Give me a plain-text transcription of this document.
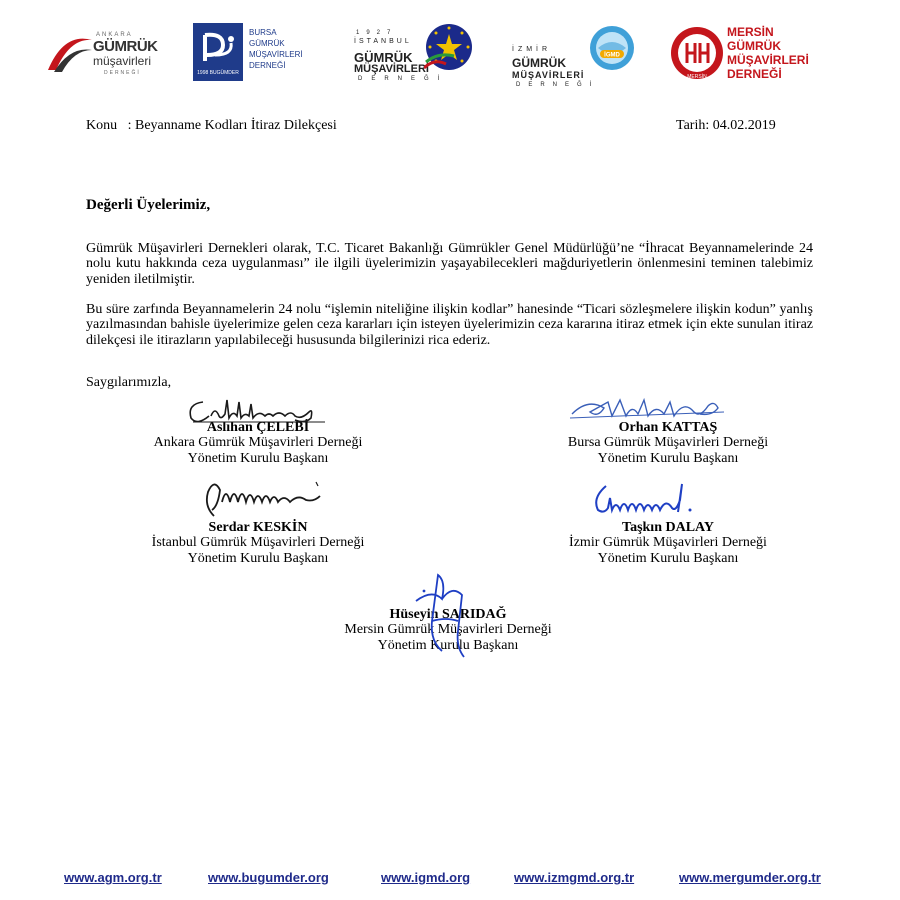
ANKARA
GÜMRÜK
müşavirleri
DERNEĞİ	1998 BUGÜMDER
BURSA
GÜMRÜK
MÜŞAVİRLERİ
DERNEĞİ
1927
İSTANBUL
GÜMRÜK
MÜŞAVİRLERİ
DERNEĞİ
İZMİR
GÜMRÜK
MÜŞAVİRLERİ
DERNEĞİ
İGMD
MERSİN
MERSİN
GÜMRÜK
MÜŞAVİRLERİ
DERNEĞİ
Konu   : Beyanname Kodları İtiraz Dilekçesi	Tarih: 04.02.2019
Değerli Üyelerimiz,

Gümrük Müşavirleri Dernekleri olarak, T.C. Ticaret Bakanlığı Gümrükler Genel Müdürlüğü’ne “İhracat Beyannamelerinde 24 nolu kutu hakkında ceza uygulanması” ile ilgili üyelerimizin yaşayabilecekleri mağduriyetlerin önlenmesini teminen talebimiz yeniden iletilmiştir.

Bu süre zarfında Beyannamelerin 24 nolu “işlemin niteliğine ilişkin kodlar” hanesinde “Ticari sözleşmelere ilişkin kodun” yanlış yazılmasından bahisle üyelerimize gelen ceza kararları için isteyen üyelerimizin ceza kararına itiraz etmek için ekte sunulan itiraz dilekçesi ile itirazların yapılabileceği hususunda bilgilerinizi rica ederiz.

Saygılarımızla,
Aslıhan ÇELEBİ
Ankara Gümrük Müşavirleri Derneği
Yönetim Kurulu Başkanı
Orhan KATTAŞ
Bursa Gümrük Müşavirleri Derneği
Yönetim Kurulu Başkanı
Serdar KESKİN
İstanbul Gümrük Müşavirleri Derneği
Yönetim Kurulu Başkanı
Taşkın DALAY
İzmir Gümrük Müşavirleri Derneği
Yönetim Kurulu Başkanı
Hüseyin SARIDAĞ
Mersin Gümrük Müşavirleri Derneği
Yönetim Kurulu Başkanı
www.agm.org.tr	www.bugumder.org	www.igmd.org	www.izmgmd.org.tr	www.mergumder.org.tr
